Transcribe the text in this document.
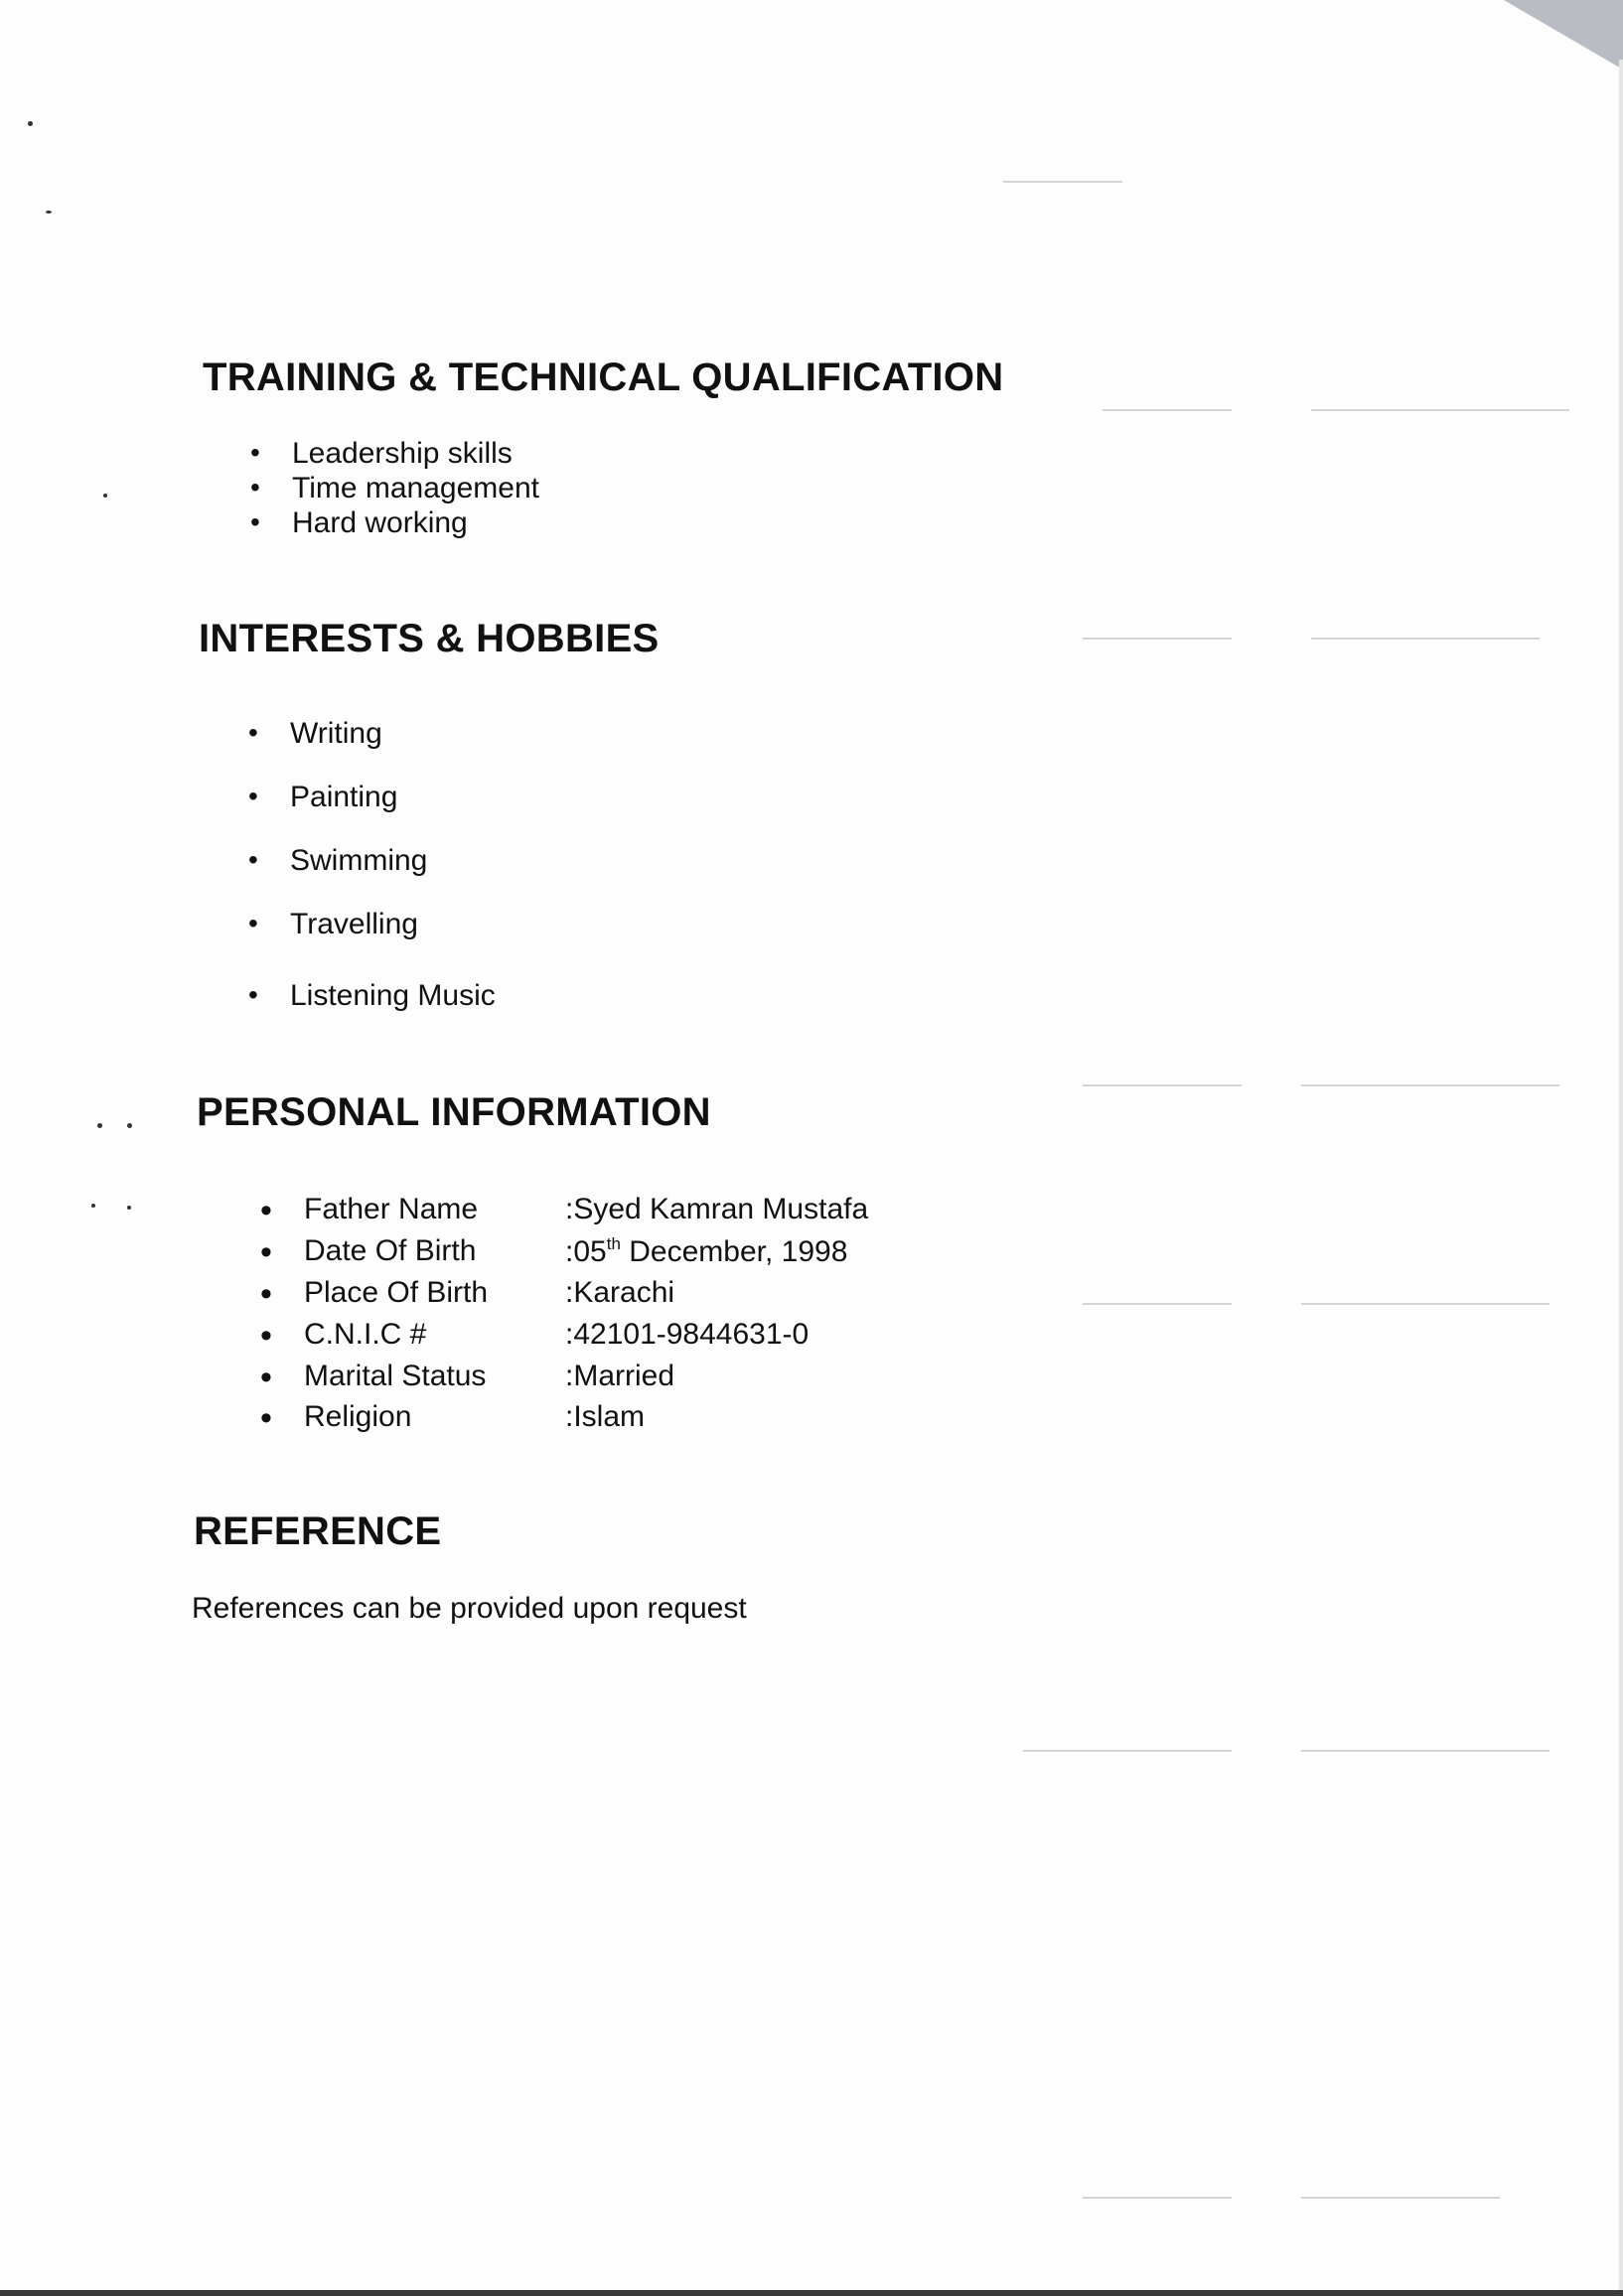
TRAINING & TECHNICAL QUALIFICATION
• Leadership skills
• Time management
• Hard working
INTERESTS & HOBBIES
• Writing
• Painting
• Swimming
• Travelling
• Listening Music
PERSONAL INFORMATION
• Father Name	:Syed Kamran Mustafa
• Date Of Birth	:05th December, 1998
• Place Of Birth	:Karachi
• C.N.I.C #	:42101-9844631-0
• Marital Status	:Married
• Religion	:Islam
REFERENCE

References can be provided upon request
